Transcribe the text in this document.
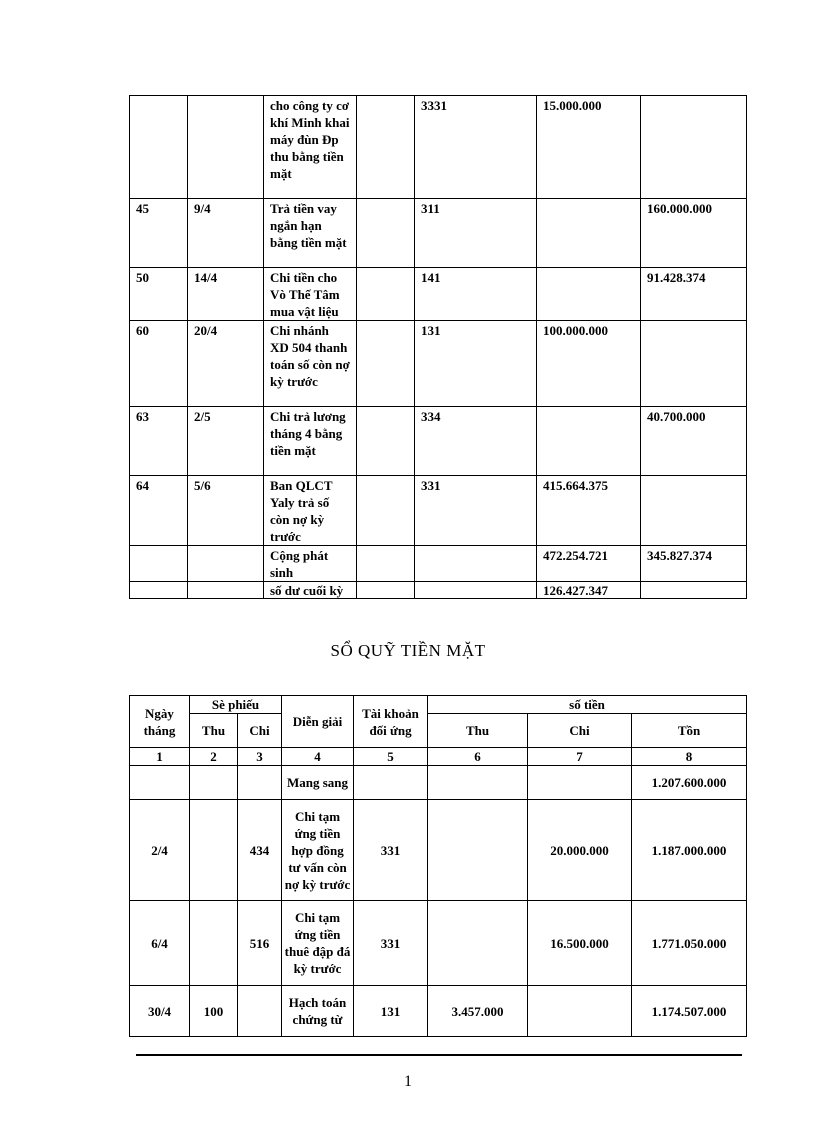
		cho công ty cơ khí Minh khai máy đùn Đp thu bằng tiền mặt		3331	15.000.000	
45	9/4	Trả tiền vay ngắn hạn bằng tiền mặt		311		160.000.000
50	14/4	Chi tiền cho Vò Thế Tâm mua vật liệu		141		91.428.374
60	20/4	Chi nhánh XD 504 thanh toán số còn nợ kỳ trước		131	100.000.000	
63	2/5	Chi trả lương tháng 4 bằng tiền mặt		334		40.700.000
64	5/6	Ban QLCT Yaly trả số còn nợ kỳ trước		331	415.664.375	
		Cộng phát sinh			472.254.721	345.827.374
		số dư cuối kỳ			126.427.347	
SỔ QUỸ TIỀN MẶT
Ngày tháng	Sè phiếu		Diễn giải	Tài khoản đối ứng	số tiền		
	Thu	Chi			Thu	Chi	Tồn
1	2	3	4	5	6	7	8
			Mang sang				1.207.600.000
2/4		434	Chi tạm ứng tiền hợp đồng tư vấn còn nợ kỳ trước	331		20.000.000	1.187.000.000
6/4		516	Chi tạm ứng tiền thuê đập đá kỳ trước	331		16.500.000	1.771.050.000
30/4	100		Hạch toán chứng từ	131	3.457.000		1.174.507.000
1
